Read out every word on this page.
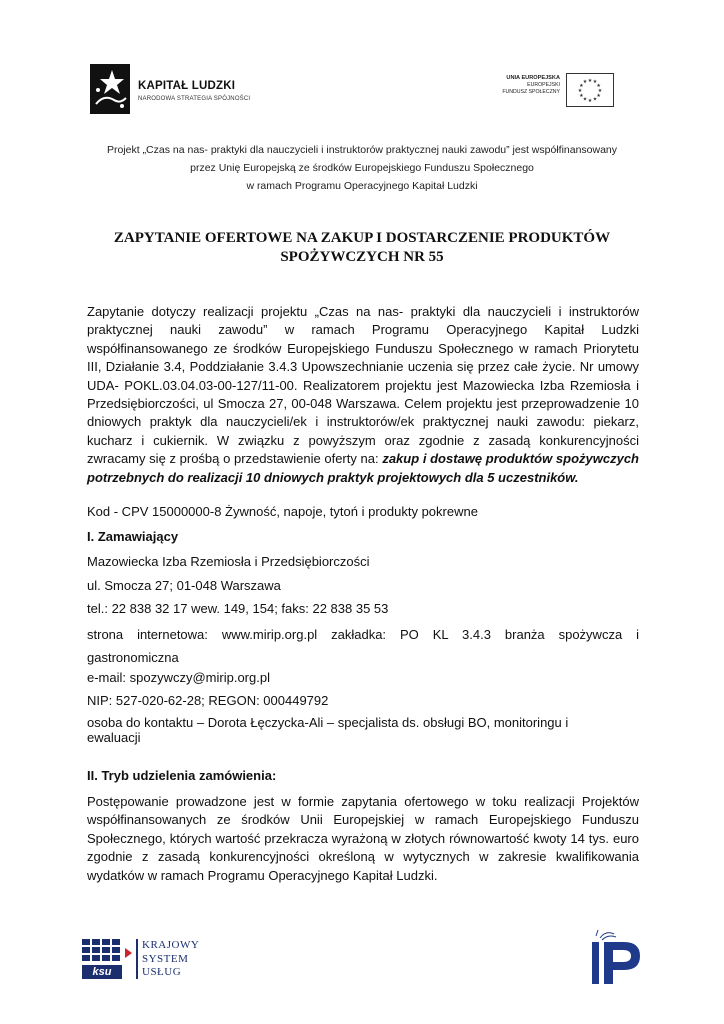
KAPITAŁ LUDZKI
NARODOWA STRATEGIA SPÓJNOŚCI
UNIA EUROPEJSKA
EUROPEJSKI
FUNDUSZ SPOŁECZNY	★
★
★
★
★
★
★
★
★ ★ ★
★
Projekt „Czas na nas- praktyki dla nauczycieli i instruktorów praktycznej nauki zawodu” jest współfinansowany
przez Unię Europejską ze środków Europejskiego Funduszu Społecznego
w ramach Programu Operacyjnego Kapitał Ludzki
ZAPYTANIE OFERTOWE NA ZAKUP I DOSTARCZENIE PRODUKTÓW
SPOŻYWCZYCH NR 55
Zapytanie dotyczy realizacji projektu „Czas na nas- praktyki dla nauczycieli i instruktorów praktycznej nauki zawodu” w ramach Programu Operacyjnego Kapitał Ludzki współfinansowanego ze środków Europejskiego Funduszu Społecznego w ramach Priorytetu III, Działanie 3.4, Poddziałanie 3.4.3 Upowszechnianie uczenia się przez całe życie. Nr umowy UDA- POKL.03.04.03-00-127/11-00. Realizatorem projektu jest Mazowiecka Izba Rzemiosła i Przedsiębiorczości, ul Smocza 27, 00-048 Warszawa. Celem projektu jest przeprowadzenie 10 dniowych praktyk dla nauczycieli/ek i instruktorów/ek praktycznej nauki zawodu: piekarz, kucharz i cukiernik. W związku z powyższym oraz zgodnie z zasadą konkurencyjności zwracamy się z prośbą o przedstawienie oferty na: zakup i dostawę produktów spożywczych potrzebnych do realizacji 10 dniowych praktyk projektowych dla 5 uczestników.
Kod - CPV 15000000-8 Żywność, napoje, tytoń i produkty pokrewne
I. Zamawiający
Mazowiecka Izba Rzemiosła i Przedsiębiorczości
ul. Smocza 27; 01-048 Warszawa
tel.: 22 838 32 17 wew. 149, 154; faks: 22 838 35 53
strona internetowa: www.mirip.org.pl zakładka: PO KL 3.4.3 branża spożywcza i gastronomiczna
e-mail: spozywczy@mirip.org.pl
NIP: 527-020-62-28; REGON: 000449792
osoba do kontaktu – Dorota Łęczycka-Ali – specjalista ds. obsługi BO, monitoringu i ewaluacji
II. Tryb udzielenia zamówienia:
Postępowanie prowadzone jest w formie zapytania ofertowego w toku realizacji Projektów współfinansowanych ze środków Unii Europejskiej w ramach Europejskiego Funduszu Społecznego, których wartość przekracza wyrażoną w złotych równowartość kwoty 14 tys. euro zgodnie z zasadą konkurencyjności określoną w wytycznych w zakresie kwalifikowania wydatków w ramach Programu Operacyjnego Kapitał Ludzki.
ksu
KRAJOWY
SYSTEM
USŁUG
